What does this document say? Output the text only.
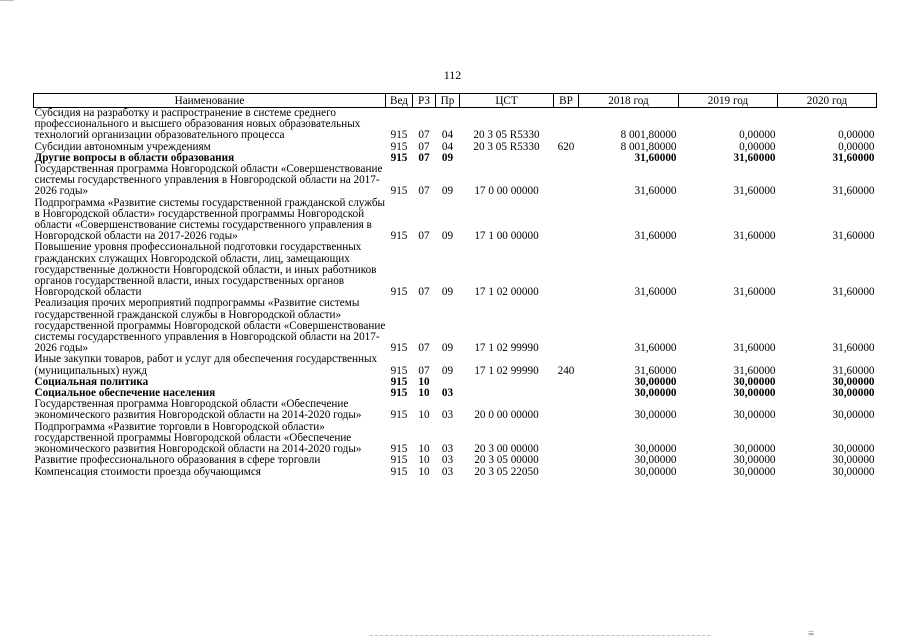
112
Наименование	Вед	РЗ	Пр	ЦСТ	ВР	2018 год	2019 год	2020 год
Субсидия на разработку и распространение в системе среднего профессионального и высшего образования новых образовательных технологий организации образовательного процесса	915	07	04	20 3 05 R5330		8 001,80000	0,00000	0,00000
Субсидии автономным учреждениям	915	07	04	20 3 05 R5330	620	8 001,80000	0,00000	0,00000
Другие вопросы в области образования	915	07	09			31,60000	31,60000	31,60000
Государственная программа Новгородской области «Совершенствование системы государственного управления в Новгородской области на 2017-2026 годы»	915	07	09	17 0 00 00000		31,60000	31,60000	31,60000
Подпрограмма «Развитие системы государственной гражданской службы в Новгородской области» государственной программы Новгородской области «Совершенствование системы государственного управления в Новгородской области на 2017-2026 годы»	915	07	09	17 1 00 00000		31,60000	31,60000	31,60000
Повышение уровня профессиональной подготовки государственных гражданских служащих Новгородской области, лиц, замещающих государственные должности Новгородской области, и иных работников органов государственной власти, иных государственных органов Новгородской области	915	07	09	17 1 02 00000		31,60000	31,60000	31,60000
Реализация прочих мероприятий подпрограммы «Развитие системы государственной гражданской службы в Новгородской области» государственной программы Новгородской области «Совершенствование системы государственного управления в Новгородской области на 2017-2026 годы»	915	07	09	17 1 02 99990		31,60000	31,60000	31,60000
Иные закупки товаров, работ и услуг для обеспечения государственных (муниципальных) нужд	915	07	09	17 1 02 99990	240	31,60000	31,60000	31,60000
Социальная политика	915	10				30,00000	30,00000	30,00000
Социальное обеспечение населения	915	10	03			30,00000	30,00000	30,00000
Государственная программа Новгородской области «Обеспечение экономического развития Новгородской области на 2014-2020 годы»	915	10	03	20 0 00 00000		30,00000	30,00000	30,00000
Подпрограмма «Развитие торговли в Новгородской области» государственной программы Новгородской области «Обеспечение экономического развития Новгородской области на 2014-2020 годы»	915	10	03	20 3 00 00000		30,00000	30,00000	30,00000
Развитие профессионального образования в сфере торговли	915	10	03	20 3 05 00000		30,00000	30,00000	30,00000
Компенсация стоимости проезда обучающимся	915	10	03	20 3 05 22050		30,00000	30,00000	30,00000
≡
